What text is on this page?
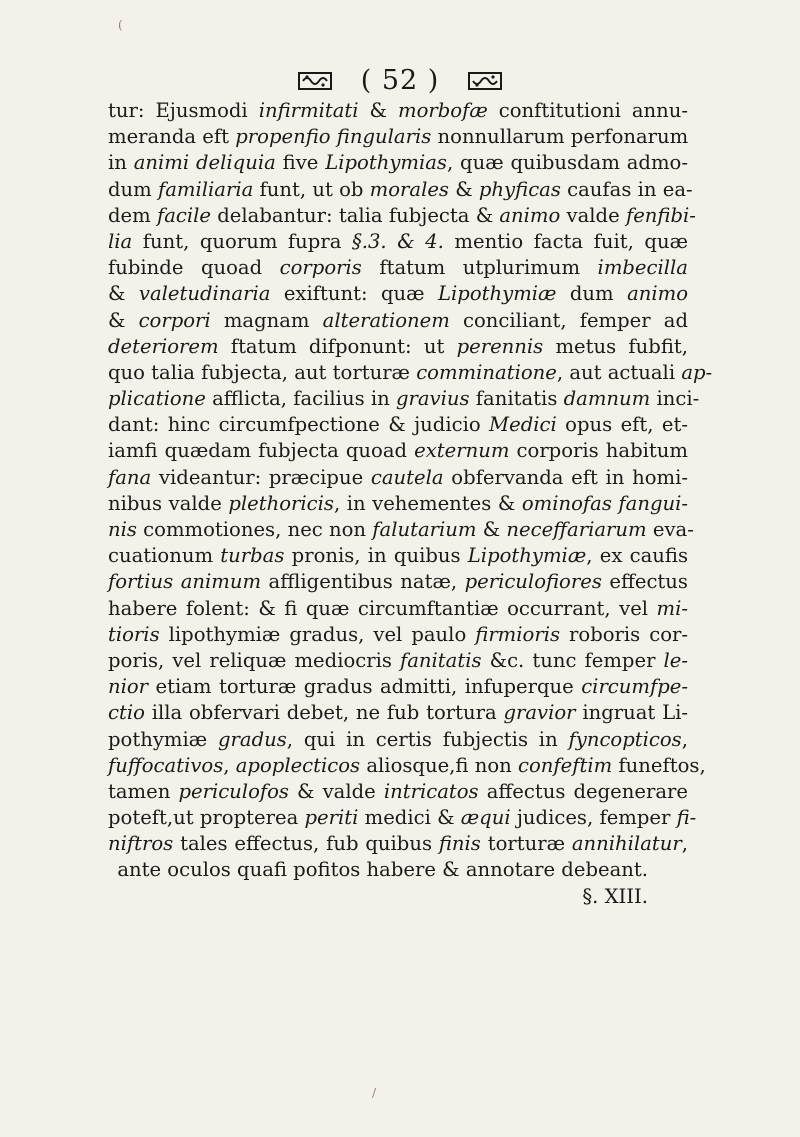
( 52 )
tur: Ejusmodi infirmitati & morbofæ conftitutioni annu-
meranda eft propenfio fingularis nonnullarum perfonarum
in animi deliquia five Lipothymias, quæ quibusdam admo-
dum familiaria funt, ut ob morales & phyficas caufas in ea-
dem facile delabantur: talia fubjecta & animo valde fenfibi-
lia funt, quorum fupra §.3. & 4. mentio facta fuit, quæ
fubinde quoad corporis ftatum utplurimum imbecilla
& valetudinaria exiftunt: quæ Lipothymiæ dum animo
& corpori magnam alterationem conciliant, femper ad
deteriorem ftatum difponunt: ut perennis metus fubfit,
quo talia fubjecta, aut torturæ comminatione, aut actuali ap-
plicatione afflicta, facilius in gravius fanitatis damnum inci-
dant: hinc circumfpectione & judicio Medici opus eft, et-
iamfi quædam fubjecta quoad externum corporis habitum
fana videantur: præcipue cautela obfervanda eft in homi-
nibus valde plethoricis, in vehementes & ominofas fangui-
nis commotiones, nec non falutarium & neceffariarum eva-
cuationum turbas pronis, in quibus Lipothymiæ, ex caufis
fortius animum affligentibus natæ, periculofiores effectus
habere folent: & fi quæ circumftantiæ occurrant, vel mi-
tioris lipothymiæ gradus, vel paulo firmioris roboris cor-
poris, vel reliquæ mediocris fanitatis &c. tunc femper le-
nior etiam torturæ gradus admitti, infuperque circumfpe-
ctio illa obfervari debet, ne fub tortura gravior ingruat Li-
pothymiæ gradus, qui in certis fubjectis in fyncopticos,
fuffocativos, apoplecticos aliosque,fi non confeftim funeftos,
tamen periculofos & valde intricatos affectus degenerare
poteft,ut propterea periti medici & æqui judices, femper fi-
niftros tales effectus, fub quibus finis torturæ annihilatur,
ante oculos quafi pofitos habere & annotare debeant.
§. XIII.
(
/
